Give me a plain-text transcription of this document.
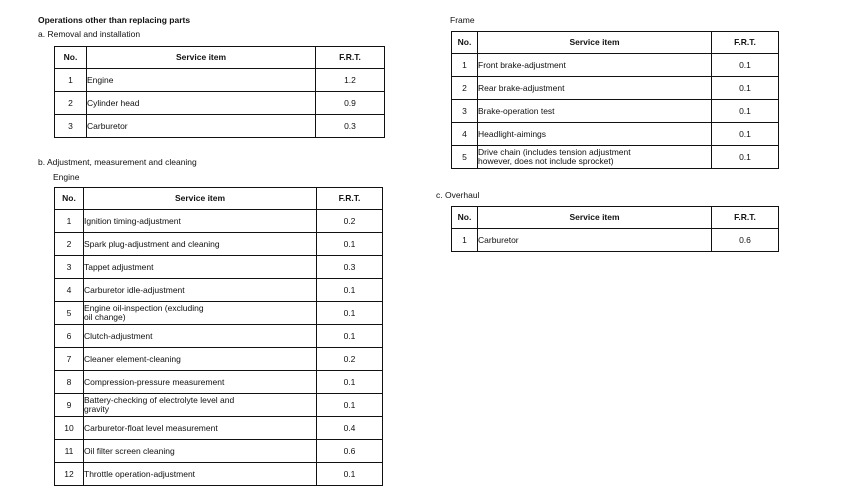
Operations other than replacing parts
a. Removal and installation
No.	Service item	F.R.T.
1	Engine	1.2
2	Cylinder head	0.9
3	Carburetor	0.3
b. Adjustment, measurement and cleaning
Engine
No.	Service item	F.R.T.
1	Ignition timing-adjustment	0.2
2	Spark plug-adjustment and cleaning	0.1
3	Tappet adjustment	0.3
4	Carburetor idle-adjustment	0.1
5	Engine oil-inspection (excluding
oil change)	0.1
6	Clutch-adjustment	0.1
7	Cleaner element-cleaning	0.2
8	Compression-pressure measurement	0.1
9	Battery-checking of electrolyte level and
gravity	0.1
10	Carburetor-float level measurement	0.4
11	Oil filter screen cleaning	0.6
12	Throttle operation-adjustment	0.1
Frame
No.	Service item	F.R.T.
1	Front brake-adjustment	0.1
2	Rear brake-adjustment	0.1
3	Brake-operation test	0.1
4	Headlight-aimings	0.1
5	Drive chain (includes tension adjustment
however, does not include sprocket)	0.1
c. Overhaul
No.	Service item	F.R.T.
1	Carburetor	0.6
